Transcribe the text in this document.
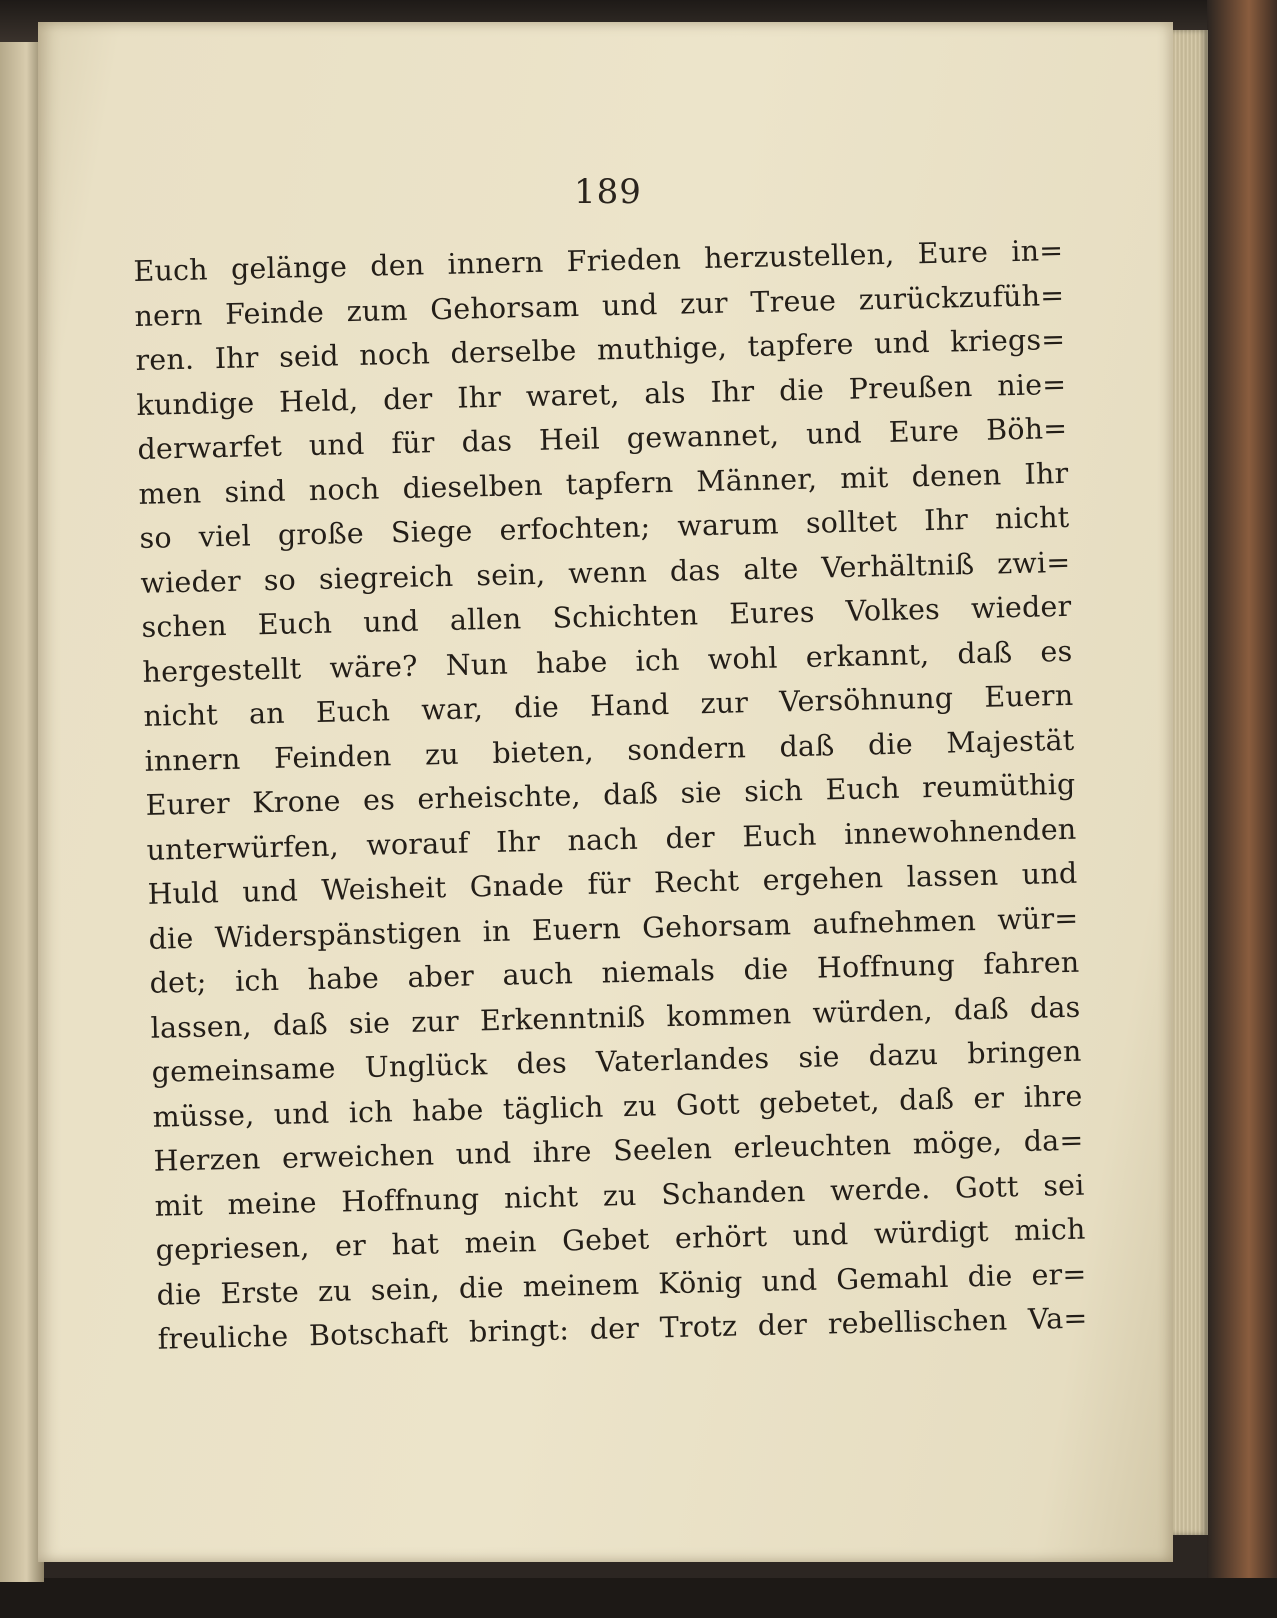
189
Euch gelänge den innern Frieden herzustellen, Eure in=
nern Feinde zum Gehorsam und zur Treue zurückzufüh=
ren. Ihr seid noch derselbe muthige, tapfere und kriegs=
kundige Held, der Ihr waret, als Ihr die Preußen nie=
derwarfet und für das Heil gewannet, und Eure Böh=
men sind noch dieselben tapfern Männer, mit denen Ihr
so viel große Siege erfochten; warum solltet Ihr nicht
wieder so siegreich sein, wenn das alte Verhältniß zwi=
schen Euch und allen Schichten Eures Volkes wieder
hergestellt wäre? Nun habe ich wohl erkannt, daß es
nicht an Euch war, die Hand zur Versöhnung Euern
innern Feinden zu bieten, sondern daß die Majestät
Eurer Krone es erheischte, daß sie sich Euch reumüthig
unterwürfen, worauf Ihr nach der Euch innewohnenden
Huld und Weisheit Gnade für Recht ergehen lassen und
die Widerspänstigen in Euern Gehorsam aufnehmen wür=
det; ich habe aber auch niemals die Hoffnung fahren
lassen, daß sie zur Erkenntniß kommen würden, daß das
gemeinsame Unglück des Vaterlandes sie dazu bringen
müsse, und ich habe täglich zu Gott gebetet, daß er ihre
Herzen erweichen und ihre Seelen erleuchten möge, da=
mit meine Hoffnung nicht zu Schanden werde. Gott sei
gepriesen, er hat mein Gebet erhört und würdigt mich
die Erste zu sein, die meinem König und Gemahl die er=
freuliche Botschaft bringt: der Trotz der rebellischen Va=
